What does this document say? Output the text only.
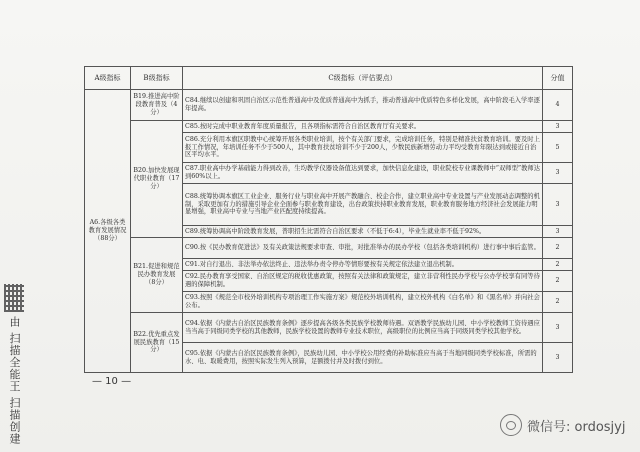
A级指标	B级指标	C级指标（评估要点）	分值
A6.各级各类教育发展情况（88分）	B19.推进高中阶段教育普及（4分）	C84.继续以创建和巩固自治区示范性普通高中及优质普通高中为抓手，推动普通高中优质特色多样化发展，高中阶段毛入学率逐年提高。	4
	B20.加快发展现代职业教育（17分）	C85.按时完成中职业教育年度质量报告，且各项指标需符合自治区教育厅有关要求。	3
		C86.充分利用本旗区职教中心统筹开展各类职业培训，按个有关部门要求，完成培训任务，特别是精准扶贫教育培训。要及时上报工作情况，年培训任务不少于500人，其中教育扶贫培训不少于200人，少数民族新增劳动力平均受教育年限达到或接近自治区平均水平。	5
		C87.职业高中办学基础能力得到改善，生均教学仪器设备值达到要求，加快信息化建设，职业院校专业课教师中“双师型”教师达到60%以上。	3
		C88.统筹协调本旗区工业企业、服务行业与职业高中开展产教融合、校企合作，建立职业高中专业设置与产业发展动态调整的机制，采取更加有力的措施引导企业全面参与职业教育建设，出台政策扶持职业教育发展，职业教育服务地方经济社会发展能力明显增强，职业高中专业与当地产业匹配度持续提高。	3
		C89.统筹协调高中阶段教育发展，普职招生比需符合自治区要求（不低于6:4），毕业生就业率不低于92%。	3
	B21.促进和规范民办教育发展（8分）	C90.按《民办教育促进法》及有关政策法规要求审查、审批，对批准举办的民办学校（包括各类培训机构）进行事中事后监管。	2
		C91.对自行退出、非法举办依法终止、违法举办责令停办等情形要按有关规定依法建立退出机制。	2
		C92.民办教育享受国家、自治区规定的税收优惠政策，按照有关法律和政策规定，建立非营利性民办学校与公办学校享有同等待遇的保障机制。	2
		C93.按照《规范全市校外培训机构专项治理工作实施方案》规范校外培训机构，建立校外机构《白名单》和《黑名单》并向社会公布。	2
	B22.优先重点发展民族教育（15分）	C94.依据《内蒙古自治区民族教育条例》逐步提高各级各类民族学校教师待遇。双语教学民族幼儿园、中小学校教师工资待遇应当当高于同级同类学校的其他教师，民族学校设置的教师专业技术职位，高级职位的比例应当高于同级同类学校其他学校。	3
		C95.依据《内蒙古自治区民族教育条例》，民族幼儿园、中小学校公用经费的补助标准应当高于当地同级同类学校标准，所需的水、电、取暖费用，按照实际发生列入预算，足额拨付并及时拨付到位。	3
— 10 —
由 扫描全能王 扫描创建	微信号: ordosjyj
